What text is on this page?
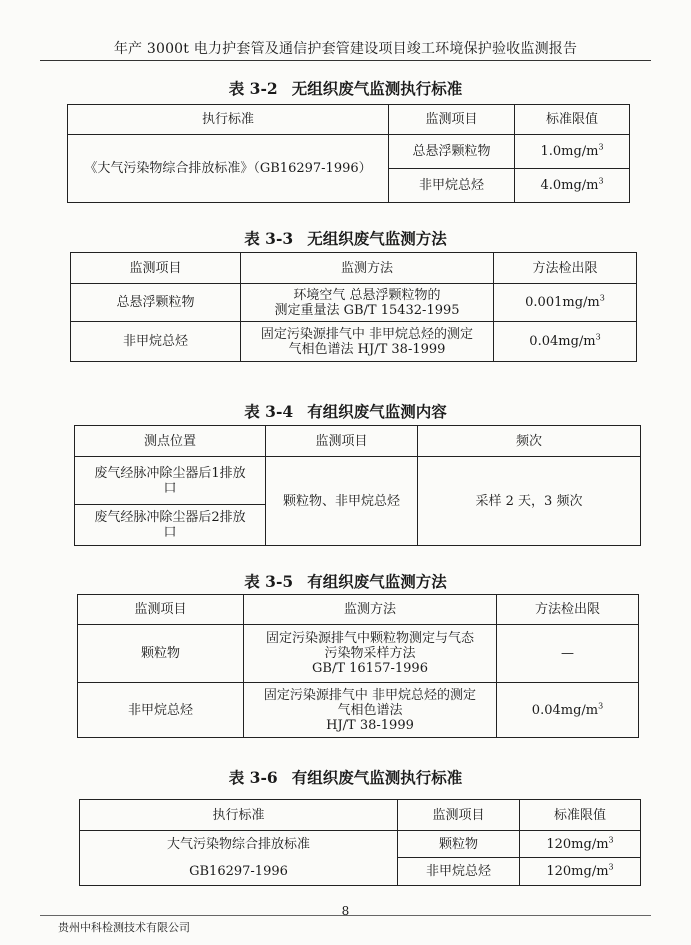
年产 3000t 电力护套管及通信护套管建设项目竣工环境保护验收监测报告
表 3-2 无组织废气监测执行标准
执行标准	监测项目	标准限值
《大气污染物综合排放标准》（GB16297-1996）	总悬浮颗粒物	$1.0mg/m^3$
	非甲烷总烃	$4.0mg/m^3$
表 3-3 无组织废气监测方法
监测项目	监测方法	方法检出限
总悬浮颗粒物	环境空气 总悬浮颗粒物的
测定重量法 GB/T 15432-1995	$0.001mg/m^3$
非甲烷总烃	固定污染源排气中 非甲烷总烃的测定
气相色谱法 HJ/T 38-1999	$0.04mg/m^3$
表 3-4 有组织废气监测内容
测点位置	监测项目	频次

废气经脉冲除尘器后1排放
口	颗粒物、非甲烷总烃	采样 2 天，3 频次

废气经脉冲除尘器后2排放
口		
表 3-5 有组织废气监测方法
监测项目	监测方法	方法检出限
颗粒物	固定污染源排气中颗粒物测定与气态
污染物采样方法
GB/T 16157-1996	—
非甲烷总烃	固定污染源排气中 非甲烷总烃的测定
气相色谱法
HJ/T 38-1999	$0.04mg/m^3$
表 3-6 有组织废气监测执行标准
执行标准	监测项目	标准限值

大气污染物综合排放标准
GB16297-1996	颗粒物	$120mg/m^3$
	非甲烷总烃	$120mg/m^3$
8
贵州中科检测技术有限公司
